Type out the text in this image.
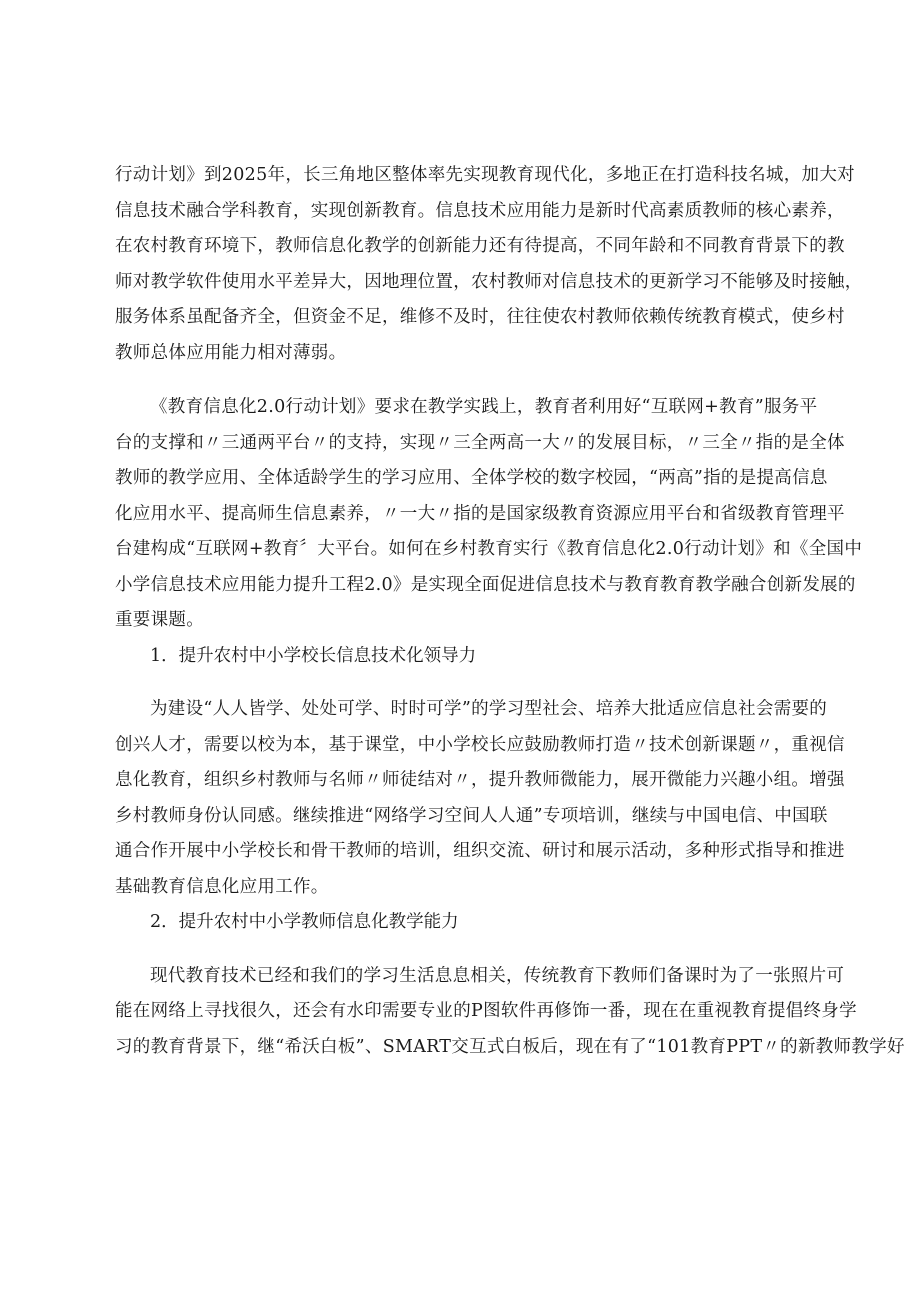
行动计划》到2025年，长三角地区整体率先实现教育现代化，多地正在打造科技名城，加大对
信息技术融合学科教育，实现创新教育。信息技术应用能力是新时代高素质教师的核心素养，
在农村教育环境下，教师信息化教学的创新能力还有待提高，不同年龄和不同教育背景下的教
师对教学软件使用水平差异大，因地理位置，农村教师对信息技术的更新学习不能够及时接触，
服务体系虽配备齐全，但资金不足，维修不及时，往往使农村教师依赖传统教育模式，使乡村
教师总体应用能力相对薄弱。

《教育信息化2.0行动计划》要求在教学实践上，教育者利用好“互联网+教育”服务平
台的支撑和〃三通两平台〃的支持，实现〃三全两高一大〃的发展目标，〃三全〃指的是全体
教师的教学应用、全体适龄学生的学习应用、全体学校的数字校园，“两高”指的是提高信息
化应用水平、提高师生信息素养，〃一大〃指的是国家级教育资源应用平台和省级教育管理平
台建构成“互联网+教育〞大平台。如何在乡村教育实行《教育信息化2.0行动计划》和《全国中
小学信息技术应用能力提升工程2.0》是实现全面促进信息技术与教育教育教学融合创新发展的
重要课题。

1．提升农村中小学校长信息技术化领导力

为建设“人人皆学、处处可学、时时可学”的学习型社会、培养大批适应信息社会需要的
创兴人才，需要以校为本，基于课堂，中小学校长应鼓励教师打造〃技术创新课题〃，重视信
息化教育，组织乡村教师与名师〃师徒结对〃，提升教师微能力，展开微能力兴趣小组。增强
乡村教师身份认同感。继续推进“网络学习空间人人通”专项培训，继续与中国电信、中国联
通合作开展中小学校长和骨干教师的培训，组织交流、研讨和展示活动，多种形式指导和推进
基础教育信息化应用工作。

2．提升农村中小学教师信息化教学能力

现代教育技术已经和我们的学习生活息息相关，传统教育下教师们备课时为了一张照片可
能在网络上寻找很久，还会有水印需要专业的P图软件再修饰一番，现在在重视教育提倡终身学
习的教育背景下，继“希沃白板”、SMART交互式白板后，现在有了“101教育PPT〃的新教师教学好
